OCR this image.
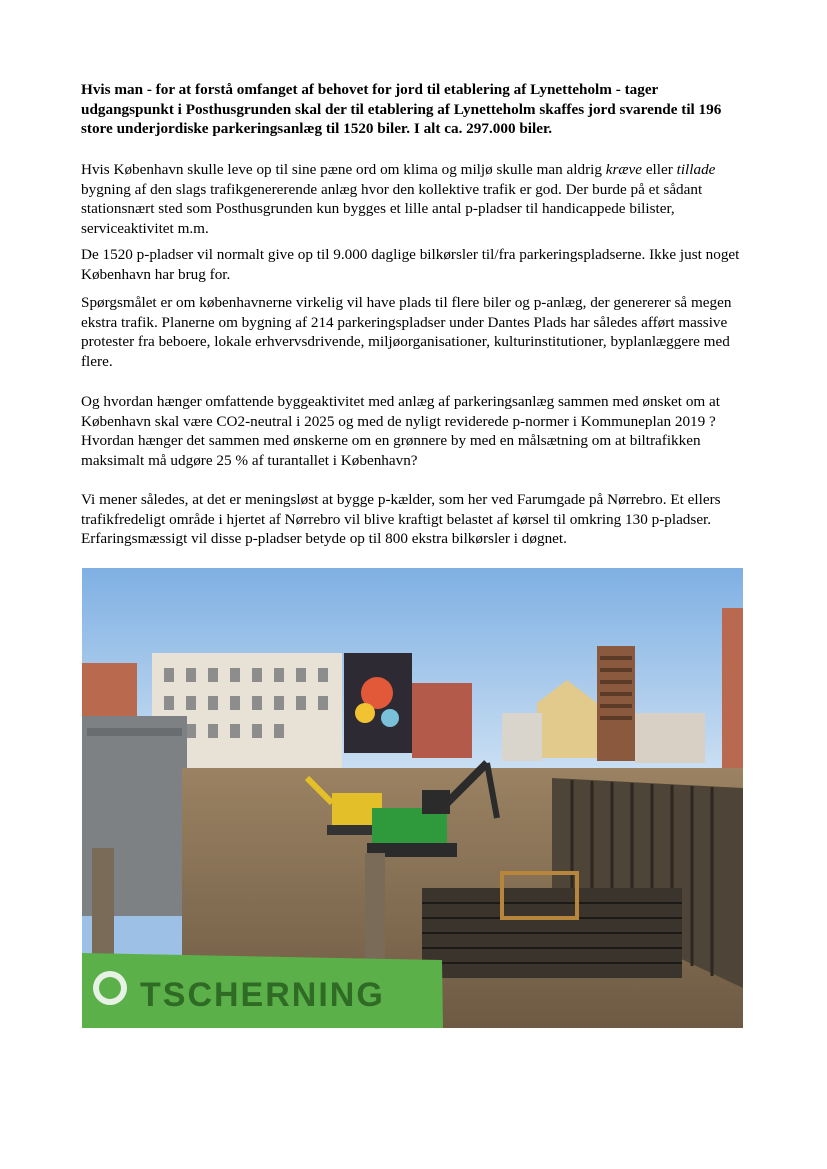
Hvis man - for at forstå omfanget af behovet for jord til etablering af Lynetteholm - tager udgangspunkt i Posthusgrunden skal der til etablering af Lynetteholm skaffes jord svarende til 196 store underjordiske parkeringsanlæg til 1520 biler. I alt ca. 297.000 biler.

Hvis København skulle leve op til sine pæne ord om klima og miljø skulle man aldrig kræve eller tillade bygning af den slags trafikgenererende anlæg hvor den kollektive trafik er god. Der burde på et sådant stationsnært sted som Posthusgrunden kun bygges et lille antal p-pladser til handicappede bilister, serviceaktivitet m.m.

De 1520 p-pladser vil normalt give op til 9.000 daglige bilkørsler til/fra parkeringspladserne. Ikke just noget København har brug for.

Spørgsmålet er om københavnerne virkelig vil have plads til flere biler og p-anlæg, der genererer så megen ekstra trafik. Planerne om bygning af 214 parkeringspladser under Dantes Plads har således afført massive protester fra beboere, lokale erhvervsdrivende, miljøorganisationer, kulturinstitutioner, byplanlæggere med flere.

Og hvordan hænger omfattende byggeaktivitet med anlæg af parkeringsanlæg sammen med ønsket om at København skal være CO2-neutral i 2025 og med de nyligt reviderede p-normer i Kommuneplan 2019 ? Hvordan hænger det sammen med ønskerne om en grønnere by med en målsætning om at biltrafikken maksimalt må udgøre 25 % af turantallet i København?

Vi mener således, at det er meningsløst at bygge p-kælder, som her ved Farumgade på Nørrebro. Et ellers trafikfredeligt område i hjertet af Nørrebro vil blive kraftigt belastet af kørsel til omkring 130 p-pladser. Erfaringsmæssigt vil disse p-pladser betyde op til 800 ekstra bilkørsler i døgnet.

TSCHERNING
